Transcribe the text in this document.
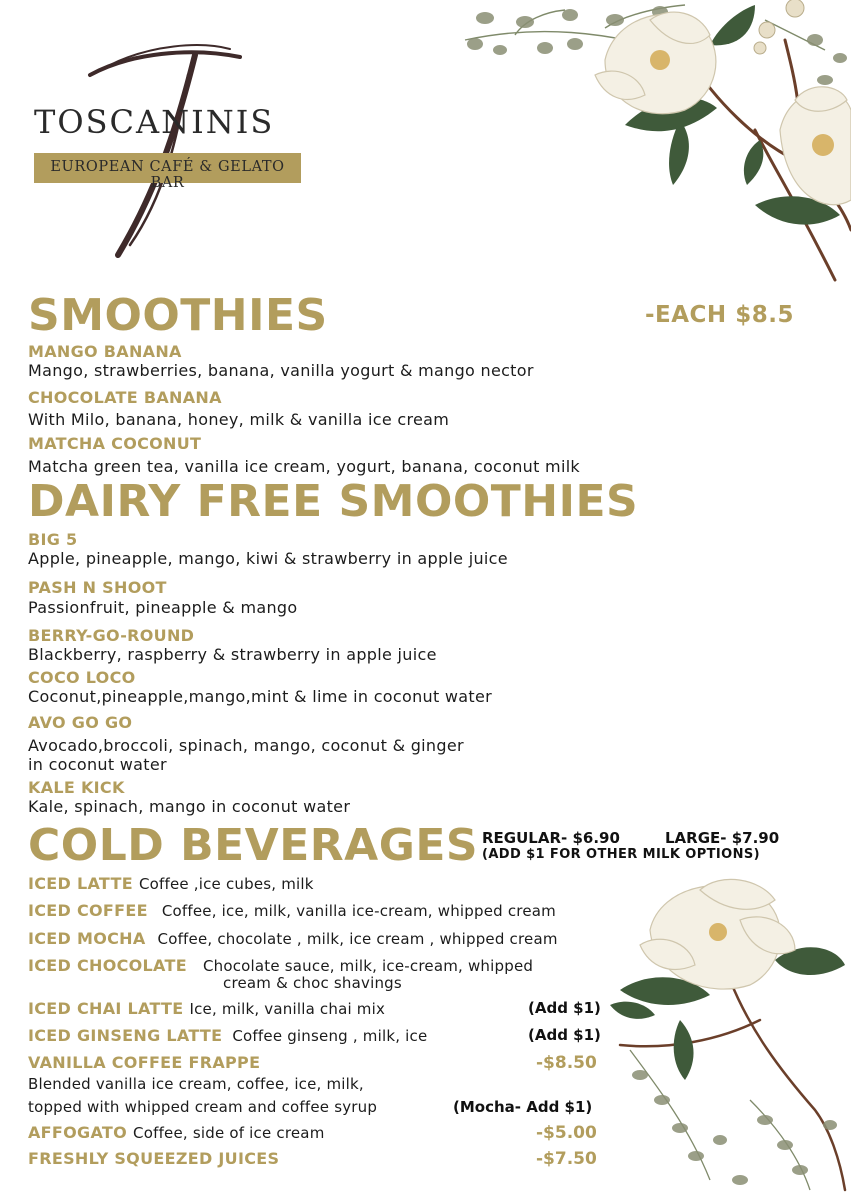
TOSCANINIS
EUROPEAN CAFÉ & GELATO BAR
SMOOTHIES	-EACH $8.5
MANGO BANANA
Mango, strawberries, banana, vanilla yogurt & mango nector
CHOCOLATE BANANA
With Milo, banana, honey, milk & vanilla ice cream
MATCHA COCONUT
Matcha green tea, vanilla ice cream, yogurt, banana, coconut milk
DAIRY FREE SMOOTHIES
BIG 5
Apple, pineapple, mango, kiwi & strawberry in apple juice
PASH N SHOOT
Passionfruit, pineapple & mango
BERRY-GO-ROUND
Blackberry, raspberry & strawberry in apple juice
COCO LOCO
Coconut,pineapple,mango,mint & lime in coconut water
AVO GO GO
Avocado,broccoli, spinach, mango, coconut & ginger
in coconut water
KALE KICK
Kale, spinach, mango in coconut water
COLD BEVERAGES REGULAR- $6.90	LARGE- $7.90
(ADD $1 FOR OTHER MILK OPTIONS)
ICED LATTE Coffee ,ice cubes, milk
ICED COFFEE Coffee, ice, milk, vanilla ice-cream, whipped cream
ICED MOCHA Coffee, chocolate , milk, ice cream , whipped cream
ICED CHOCOLATE Chocolate sauce, milk, ice-cream, whipped
cream & choc shavings
ICED CHAI LATTE Ice, milk, vanilla chai mix	(Add $1)
ICED GINSENG LATTE Coffee ginseng , milk, ice	(Add $1)
VANILLA COFFEE FRAPPE	-$8.50
Blended vanilla ice cream, coffee, ice, milk,
topped with whipped cream and coffee syrup	(Mocha- Add $1)
AFFOGATO Coffee, side of ice cream	-$5.00
FRESHLY SQUEEZED JUICES	-$7.50
